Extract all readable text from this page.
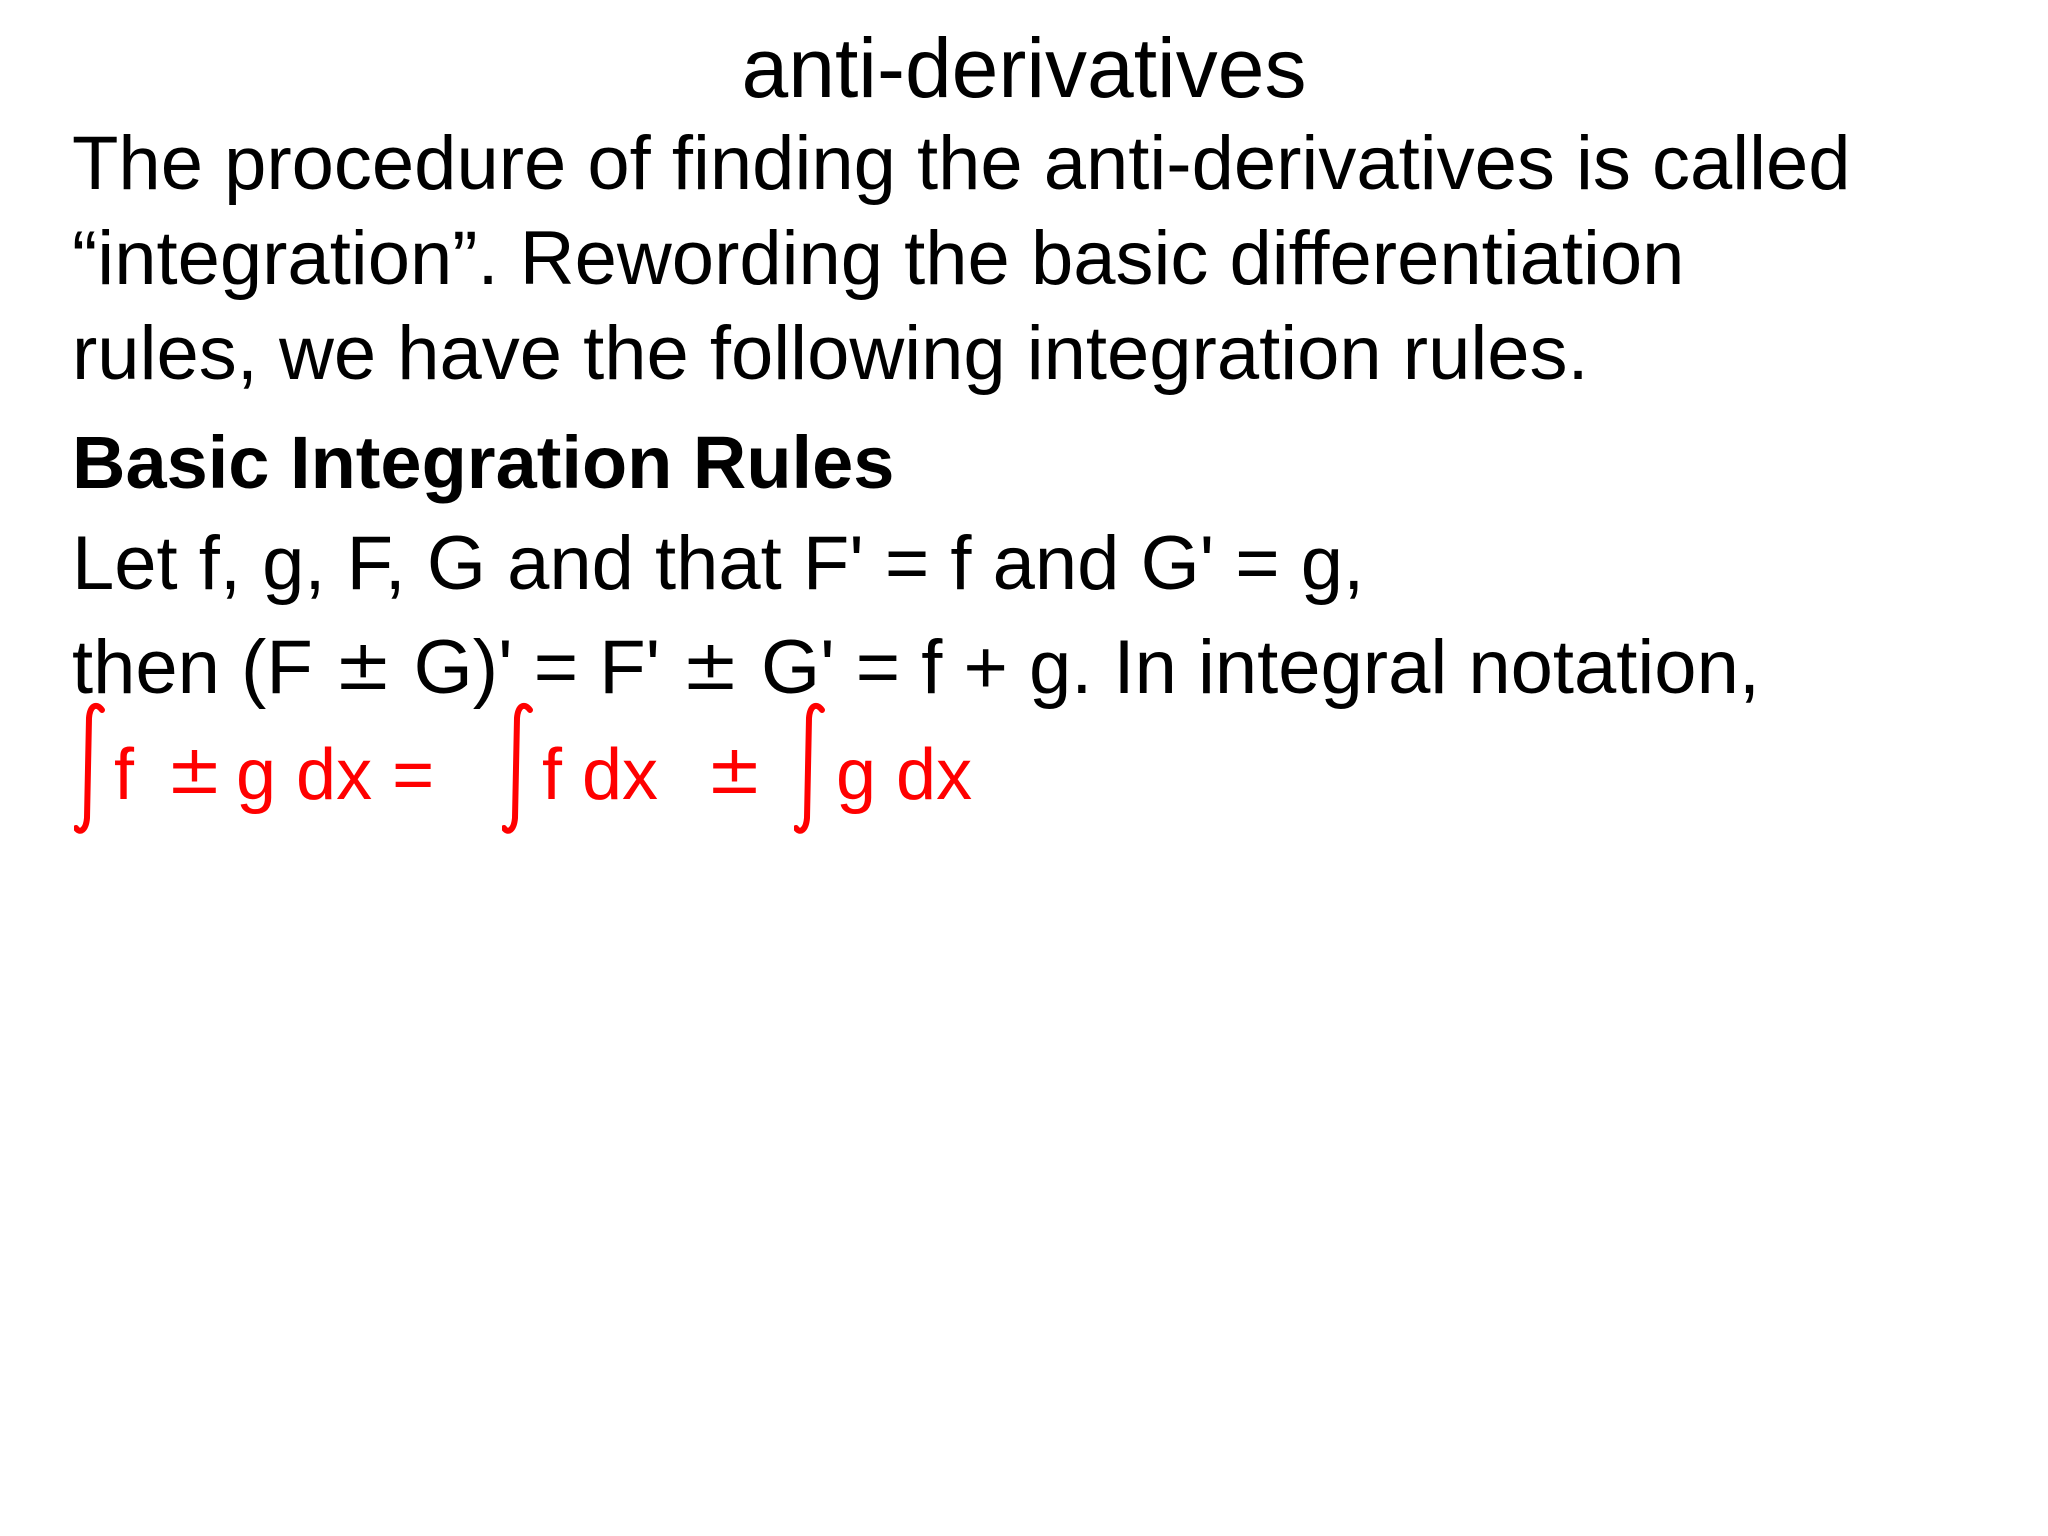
anti-derivatives
The procedure of finding the anti-derivatives is called
“integration”. Rewording the basic differentiation
rules, we have the following integration rules.
Basic Integration Rules
Let f, g, F, G and that F' = f and G' = g,
then (F ± G)' = F' ± G' = f + g. In integral notation,
f ± g dx = f dx ± g dx
